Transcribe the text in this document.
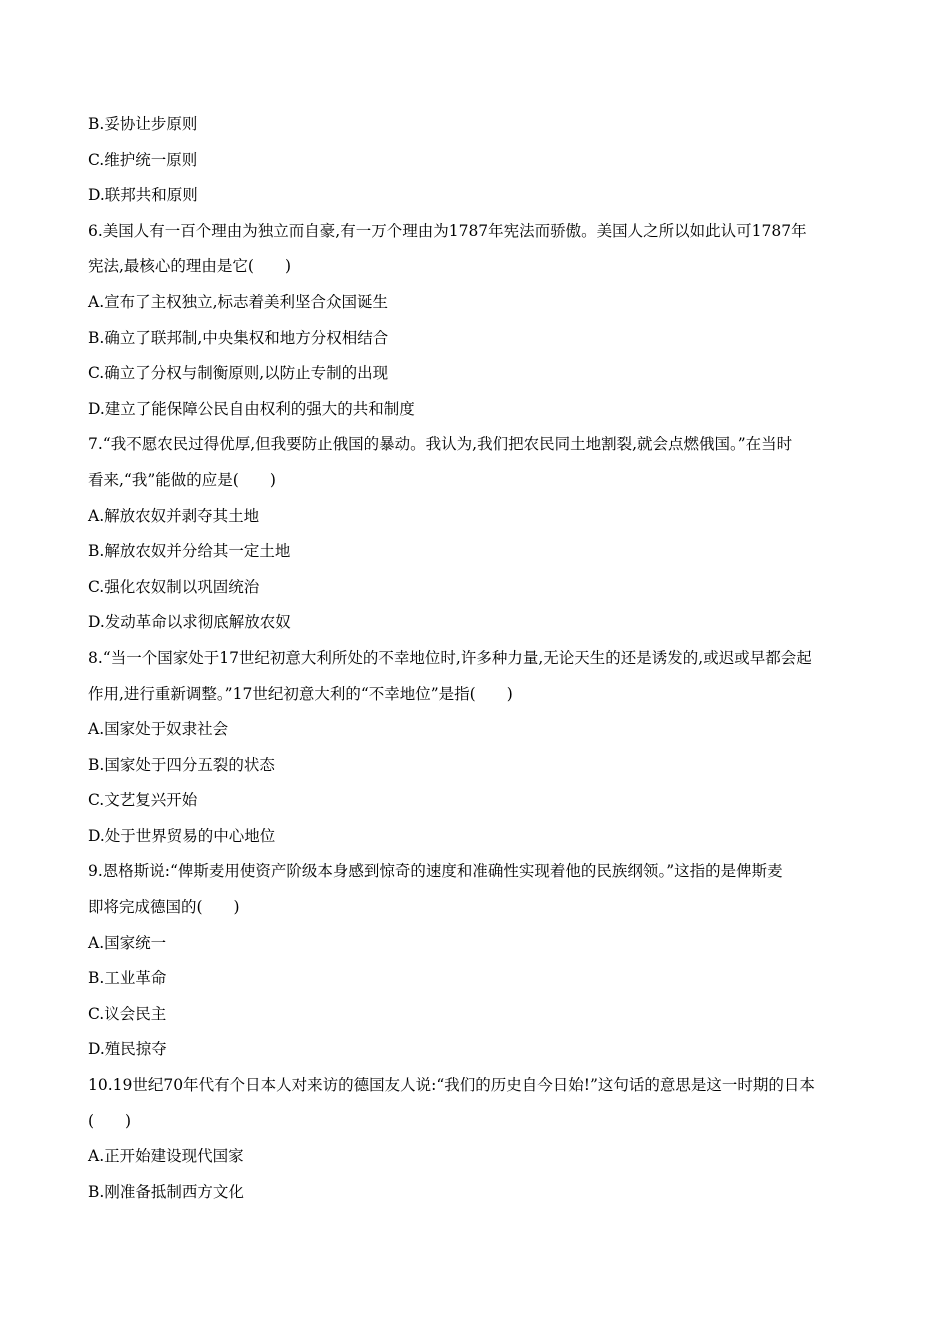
B.妥协让步原则
C.维护统一原则
D.联邦共和原则
6.美国人有一百个理由为独立而自豪,有一万个理由为1787年宪法而骄傲。美国人之所以如此认可1787年
宪法,最核心的理由是它(　　)
A.宣布了主权独立,标志着美利坚合众国诞生
B.确立了联邦制,中央集权和地方分权相结合
C.确立了分权与制衡原则,以防止专制的出现
D.建立了能保障公民自由权利的强大的共和制度
7.“我不愿农民过得优厚,但我要防止俄国的暴动。我认为,我们把农民同土地割裂,就会点燃俄国。”在当时
看来,“我”能做的应是(　　)
A.解放农奴并剥夺其土地
B.解放农奴并分给其一定土地
C.强化农奴制以巩固统治
D.发动革命以求彻底解放农奴
8.“当一个国家处于17世纪初意大利所处的不幸地位时,许多种力量,无论天生的还是诱发的,或迟或早都会起
作用,进行重新调整。”17世纪初意大利的“不幸地位”是指(　　)
A.国家处于奴隶社会
B.国家处于四分五裂的状态
C.文艺复兴开始
D.处于世界贸易的中心地位
9.恩格斯说:“俾斯麦用使资产阶级本身感到惊奇的速度和准确性实现着他的民族纲领。”这指的是俾斯麦
即将完成德国的(　　)
A.国家统一
B.工业革命
C.议会民主
D.殖民掠夺
10.19世纪70年代有个日本人对来访的德国友人说:“我们的历史自今日始!”这句话的意思是这一时期的日本
(　　)
A.正开始建设现代国家
B.刚准备抵制西方文化
